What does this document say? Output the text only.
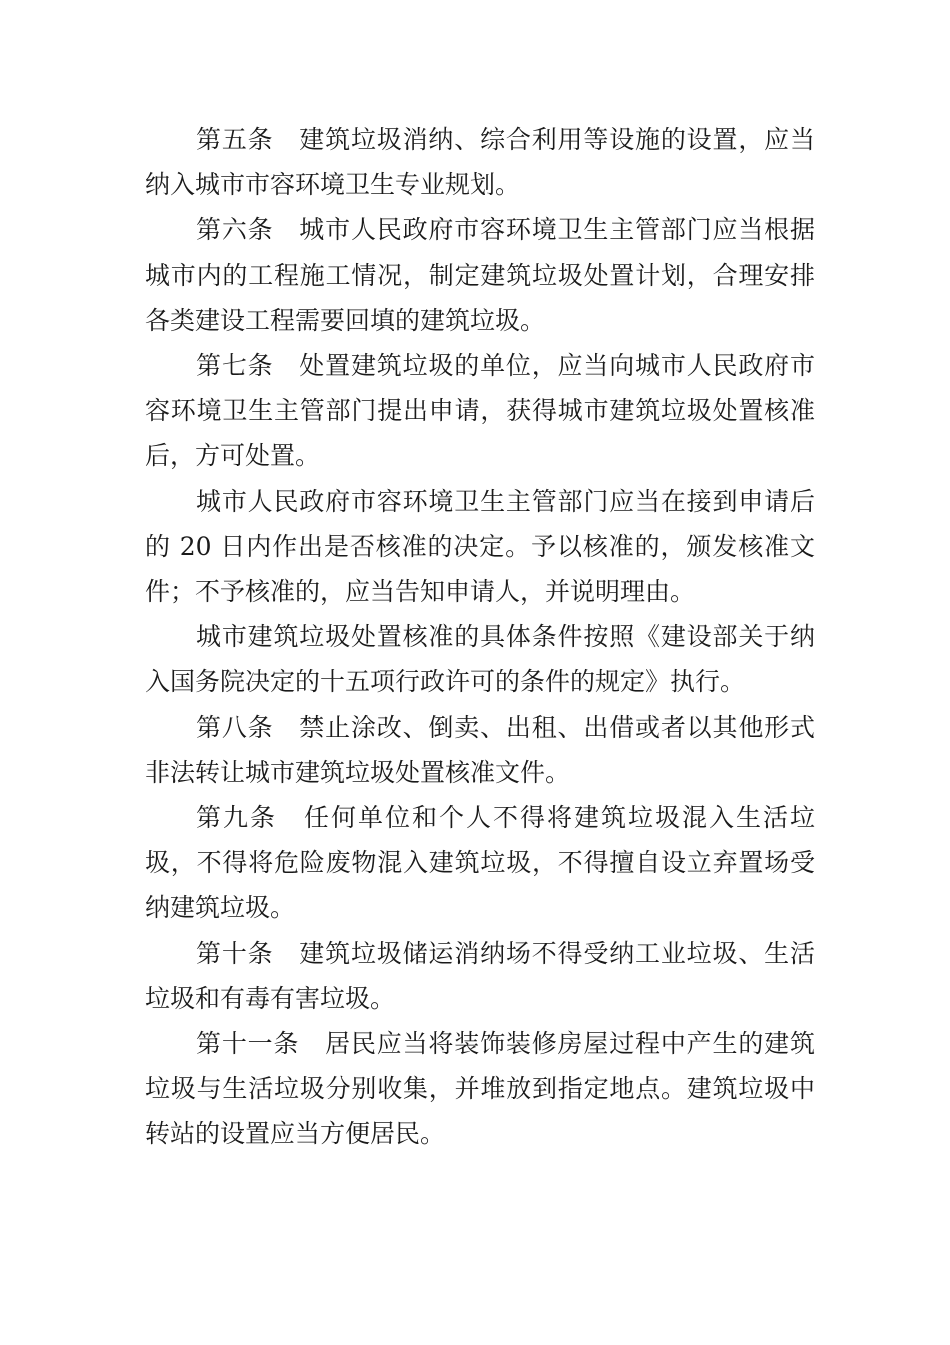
第五条　建筑垃圾消纳、综合利用等设施的设置，应当纳入城市市容环境卫生专业规划。

第六条　城市人民政府市容环境卫生主管部门应当根据城市内的工程施工情况，制定建筑垃圾处置计划，合理安排各类建设工程需要回填的建筑垃圾。

第七条　处置建筑垃圾的单位，应当向城市人民政府市容环境卫生主管部门提出申请，获得城市建筑垃圾处置核准后，方可处置。

城市人民政府市容环境卫生主管部门应当在接到申请后的 20 日内作出是否核准的决定。予以核准的，颁发核准文件；不予核准的，应当告知申请人，并说明理由。

城市建筑垃圾处置核准的具体条件按照《建设部关于纳入国务院决定的十五项行政许可的条件的规定》执行。

第八条　禁止涂改、倒卖、出租、出借或者以其他形式非法转让城市建筑垃圾处置核准文件。

第九条　任何单位和个人不得将建筑垃圾混入生活垃圾，不得将危险废物混入建筑垃圾，不得擅自设立弃置场受纳建筑垃圾。

第十条　建筑垃圾储运消纳场不得受纳工业垃圾、生活垃圾和有毒有害垃圾。

第十一条　居民应当将装饰装修房屋过程中产生的建筑垃圾与生活垃圾分别收集，并堆放到指定地点。建筑垃圾中转站的设置应当方便居民。
